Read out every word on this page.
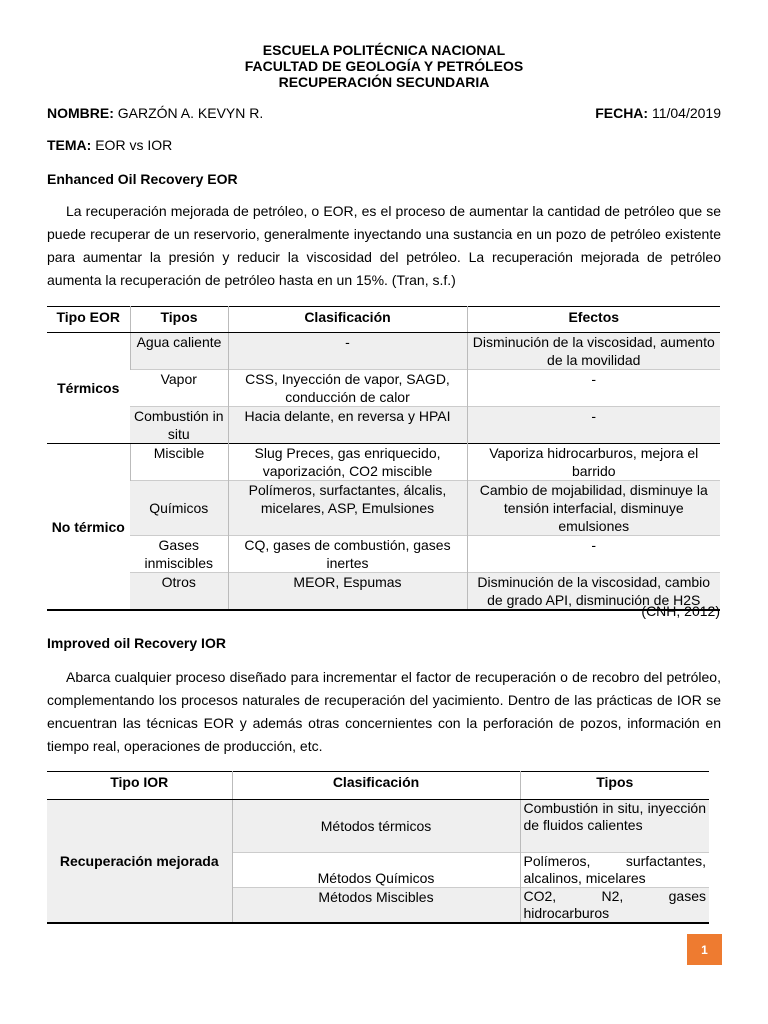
ESCUELA POLITÉCNICA NACIONAL
FACULTAD DE GEOLOGÍA Y PETRÓLEOS
RECUPERACIÓN SECUNDARIA
NOMBRE: GARZÓN A. KEVYN R.	FECHA: 11/04/2019
TEMA: EOR vs IOR
Enhanced Oil Recovery EOR
La recuperación mejorada de petróleo, o EOR, es el proceso de aumentar la cantidad de petróleo que se puede recuperar de un reservorio, generalmente inyectando una sustancia en un pozo de petróleo existente para aumentar la presión y reducir la viscosidad del petróleo. La recuperación mejorada de petróleo aumenta la recuperación de petróleo hasta en un 15%. (Tran, s.f.)
Tipo EOR	Tipos	Clasificación	Efectos
Térmicos	Agua caliente	-	Disminución de la viscosidad, aumento de la movilidad
	Vapor	CSS, Inyección de vapor, SAGD, conducción de calor	-
	Combustión in situ	Hacia delante, en reversa y HPAI	-
No térmico	Miscible	Slug Preces, gas enriquecido, vaporización, CO2 miscible	Vaporiza hidrocarburos, mejora el barrido
	Químicos	Polímeros, surfactantes, álcalis, micelares, ASP, Emulsiones	Cambio de mojabilidad, disminuye la tensión interfacial, disminuye emulsiones
	Gases inmiscibles	CQ, gases de combustión, gases inertes	-
	Otros	MEOR, Espumas	Disminución de la viscosidad, cambio de grado API, disminución de H2S
(CNH, 2012)
Improved oil Recovery IOR
Abarca cualquier proceso diseñado para incrementar el factor de recuperación o de recobro del petróleo, complementando los procesos naturales de recuperación del yacimiento. Dentro de las prácticas de IOR se encuentran las técnicas EOR y además otras concernientes con la perforación de pozos, información en tiempo real, operaciones de producción, etc.
Tipo IOR	Clasificación	Tipos
Recuperación mejorada	Métodos térmicos	Combustión in situ, inyección de fluidos calientes
	Métodos Químicos	Polímeros, surfactantes, alcalinos, micelares
	Métodos Miscibles	CO2, N2, gases hidrocarburos
1
